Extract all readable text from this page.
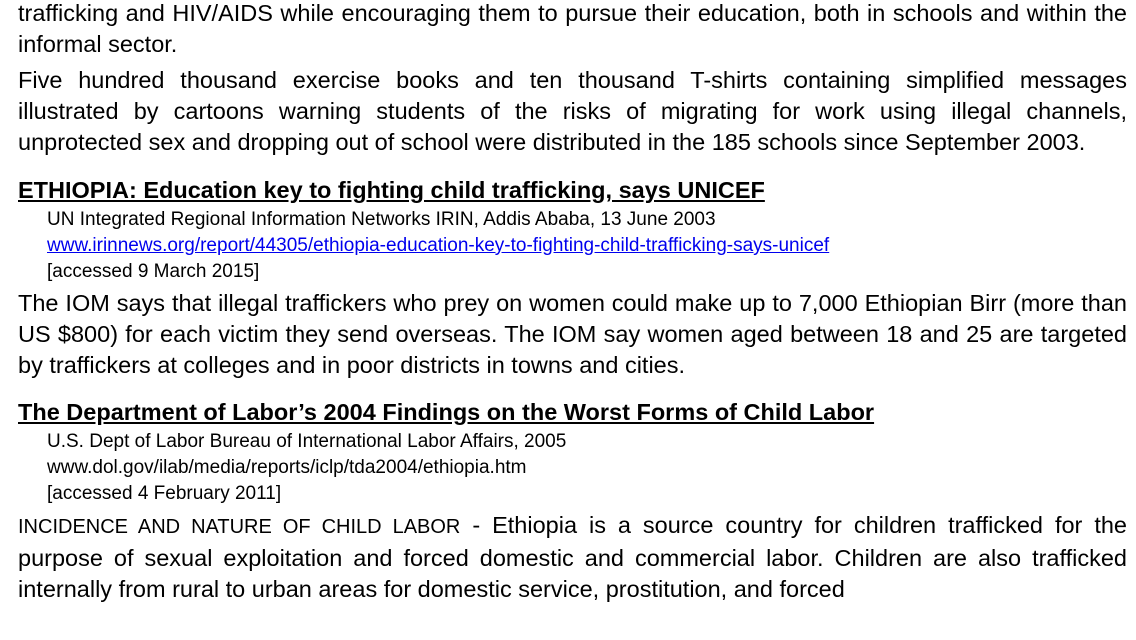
trafficking and HIV/AIDS while encouraging them to pursue their education, both in schools and within the informal sector.

Five hundred thousand exercise books and ten thousand T-shirts containing simplified messages illustrated by cartoons warning students of the risks of migrating for work using illegal channels, unprotected sex and dropping out of school were distributed in the 185 schools since September 2003.

ETHIOPIA: Education key to fighting child trafficking, says UNICEF
UN Integrated Regional Information Networks IRIN, Addis Ababa, 13 June 2003
www.irinnews.org/report/44305/ethiopia-education-key-to-fighting-child-trafficking-says-unicef
[accessed 9 March 2015]

The IOM says that illegal traffickers who prey on women could make up to 7,000 Ethiopian Birr (more than US $800) for each victim they send overseas. The IOM say women aged between 18 and 25 are targeted by traffickers at colleges and in poor districts in towns and cities.

The Department of Labor’s 2004 Findings on the Worst Forms of Child Labor
U.S. Dept of Labor Bureau of International Labor Affairs, 2005
www.dol.gov/ilab/media/reports/iclp/tda2004/ethiopia.htm
[accessed 4 February 2011]

INCIDENCE AND NATURE OF CHILD LABOR - Ethiopia is a source country for children trafficked for the purpose of sexual exploitation and forced domestic and commercial labor. Children are also trafficked internally from rural to urban areas for domestic service, prostitution, and forced
